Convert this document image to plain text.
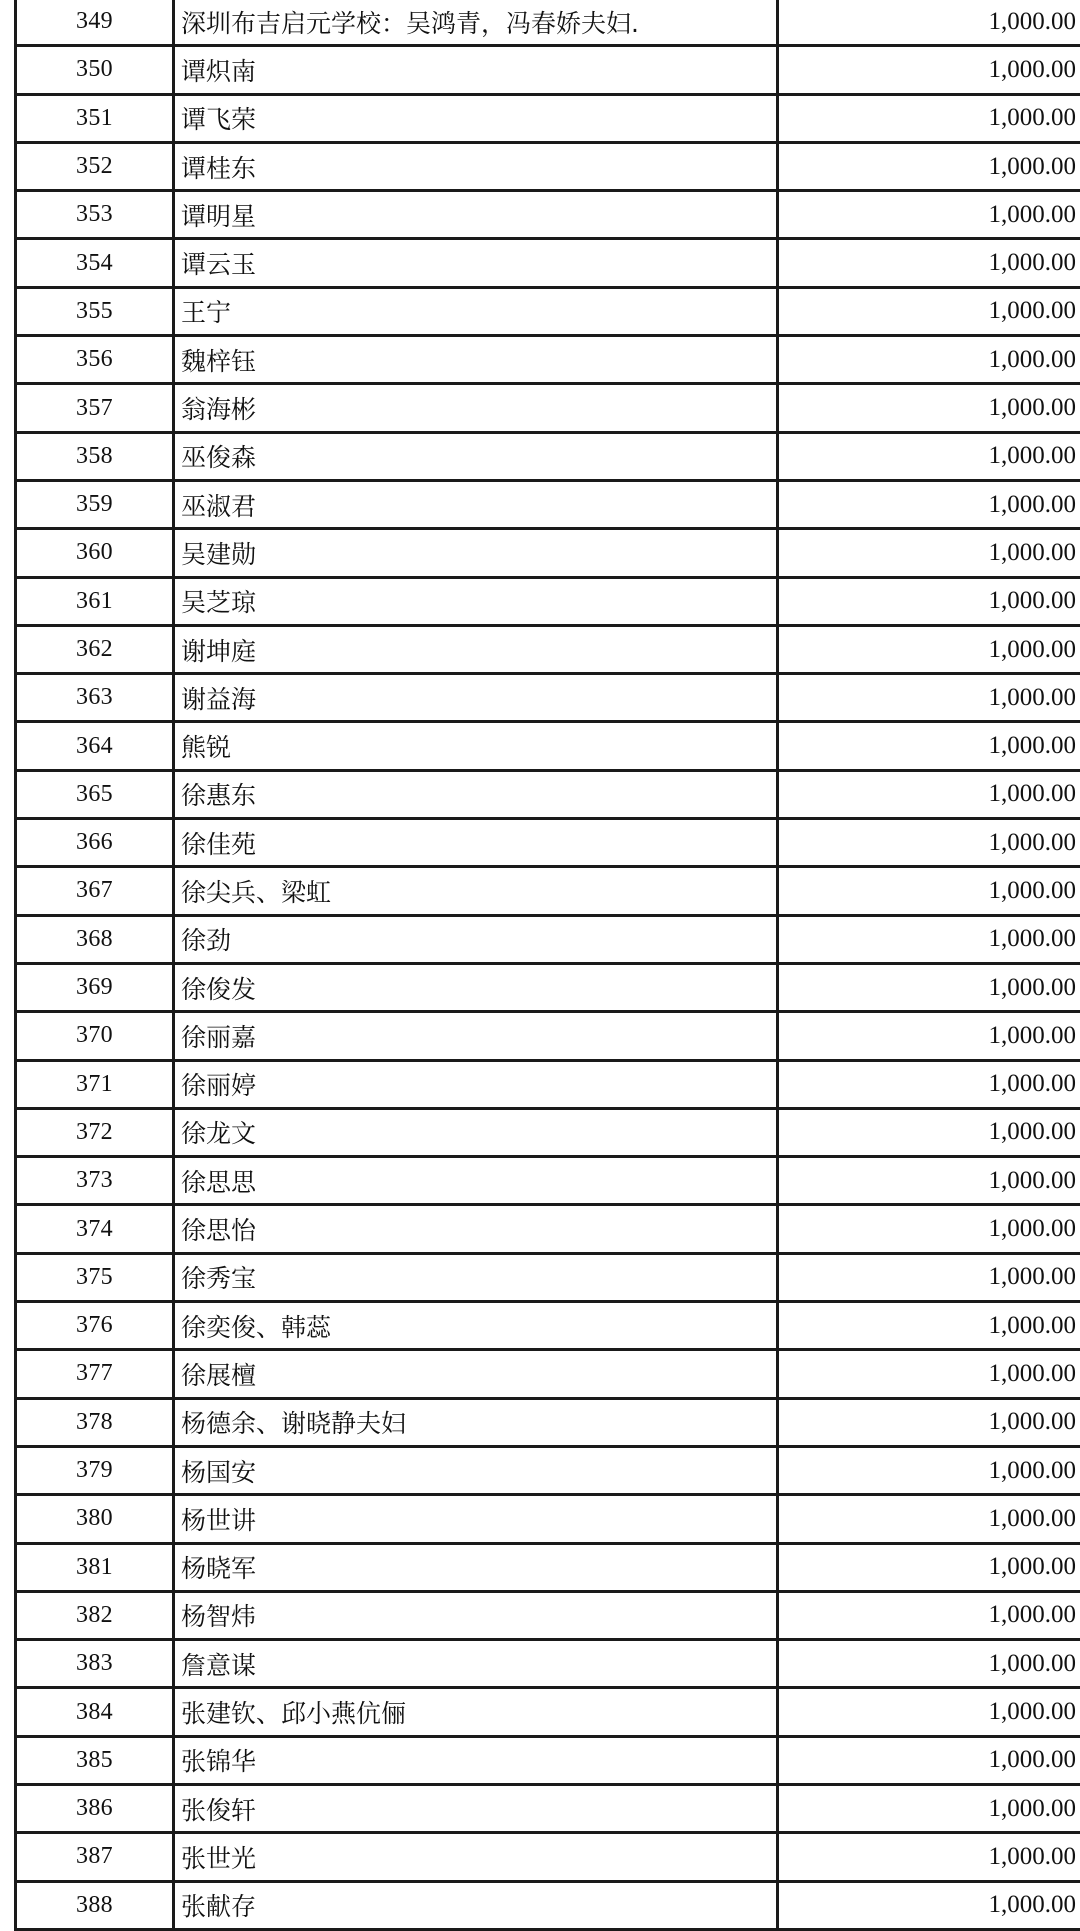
349	深圳布吉启元学校：吴鸿青，冯春娇夫妇.	1,000.00
350	谭炽南	1,000.00
351	谭飞荣	1,000.00
352	谭桂东	1,000.00
353	谭明星	1,000.00
354	谭云玉	1,000.00
355	王宁	1,000.00
356	魏梓钰	1,000.00
357	翁海彬	1,000.00
358	巫俊森	1,000.00
359	巫淑君	1,000.00
360	吴建勋	1,000.00
361	吴芝琼	1,000.00
362	谢坤庭	1,000.00
363	谢益海	1,000.00
364	熊锐	1,000.00
365	徐惠东	1,000.00
366	徐佳苑	1,000.00
367	徐尖兵、梁虹	1,000.00
368	徐劲	1,000.00
369	徐俊发	1,000.00
370	徐丽嘉	1,000.00
371	徐丽婷	1,000.00
372	徐龙文	1,000.00
373	徐思思	1,000.00
374	徐思怡	1,000.00
375	徐秀宝	1,000.00
376	徐奕俊、韩蕊	1,000.00
377	徐展檀	1,000.00
378	杨德余、谢晓静夫妇	1,000.00
379	杨国安	1,000.00
380	杨世讲	1,000.00
381	杨晓军	1,000.00
382	杨智炜	1,000.00
383	詹意谋	1,000.00
384	张建钦、邱小燕伉俪	1,000.00
385	张锦华	1,000.00
386	张俊轩	1,000.00
387	张世光	1,000.00
388	张献存	1,000.00
